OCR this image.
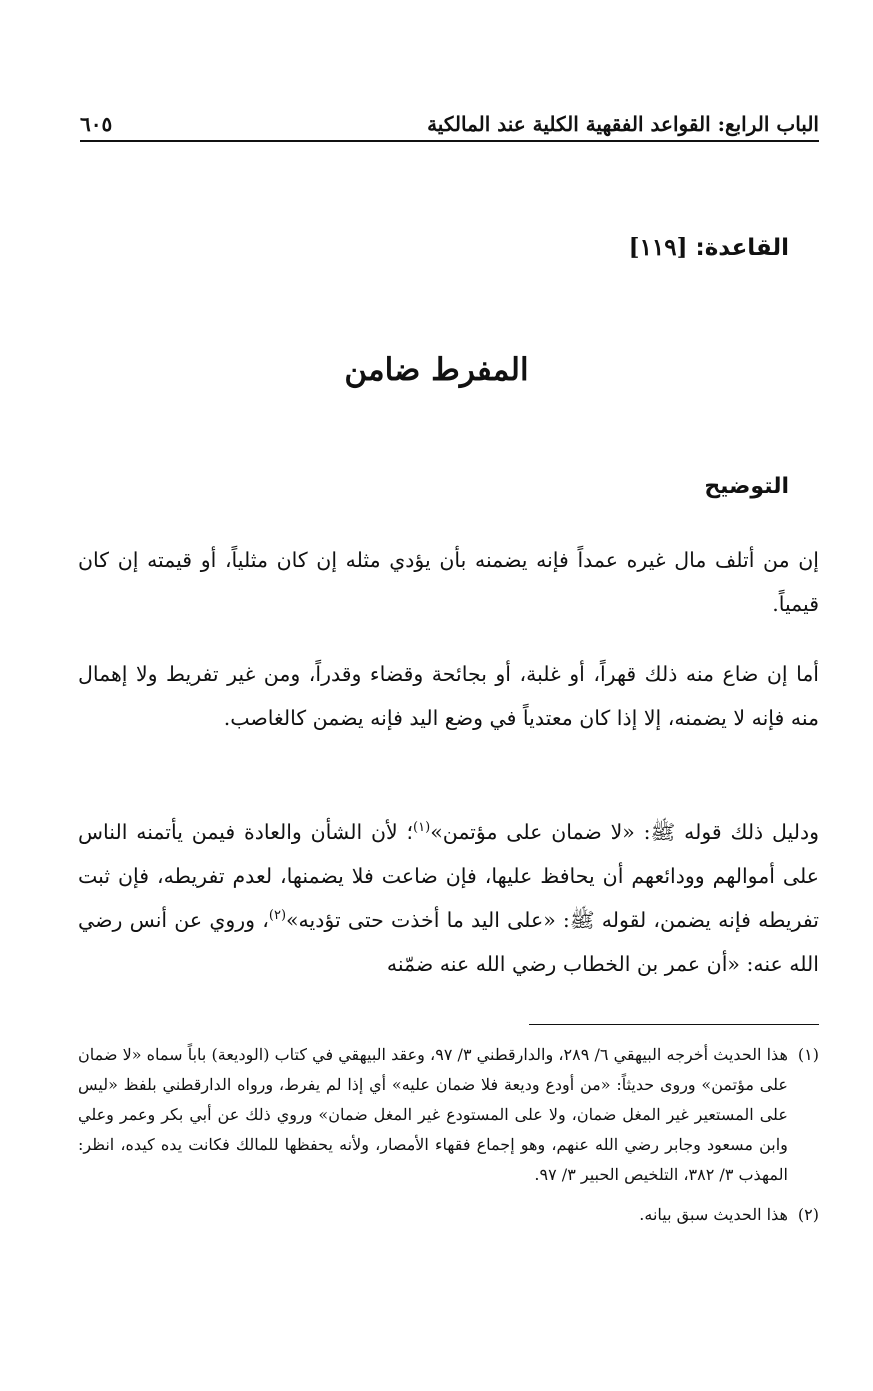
الباب الرابع: القواعد الفقهية الكلية عند المالكية
٦٠٥
القاعدة:
[١١٩]
المفرط ضامن
التوضيح

إن من أتلف مال غيره عمداً فإنه يضمنه بأن يؤدي مثله إن كان مثلياً، أو قيمته إن كان قيمياً.

أما إن ضاع منه ذلك قهراً، أو غلبة، أو بجائحة وقضاء وقدراً، ومن غير تفريط ولا إهمال منه فإنه لا يضمنه، إلا إذا كان معتدياً في وضع اليد فإنه يضمن كالغاصب.

ودليل ذلك قوله ﷺ: «لا ضمان على مؤتمن»$^{(١)}$؛ لأن الشأن والعادة فيمن يأتمنه الناس على أموالهم وودائعهم أن يحافظ عليها، فإن ضاعت فلا يضمنها، لعدم تفريطه، فإن ثبت تفريطه فإنه يضمن، لقوله ﷺ: «على اليد ما أخذت حتى تؤديه»$^{(٢)}$، وروي عن أنس رضي الله عنه: «أن عمر بن الخطاب رضي الله عنه ضمّنه

(١)
هذا الحديث أخرجه البيهقي ٦/ ٢٨٩، والدارقطني ٣/ ٩٧، وعقد البيهقي في كتاب (الوديعة) باباً سماه «لا ضمان على مؤتمن» وروى حديثاً: «من أودع وديعة فلا ضمان عليه» أي إذا لم يفرط، ورواه الدارقطني بلفظ «ليس على المستعير غير المغل ضمان، ولا على المستودع غير المغل ضمان» وروي ذلك عن أبي بكر وعمر وعلي وابن مسعود وجابر رضي الله عنهم، وهو إجماع فقهاء الأمصار، ولأنه يحفظها للمالك فكانت يده كيده، انظر: المهذب ٣/ ٣٨٢، التلخيص الحبير ٣/ ٩٧.
(٢)
هذا الحديث سبق بيانه.
